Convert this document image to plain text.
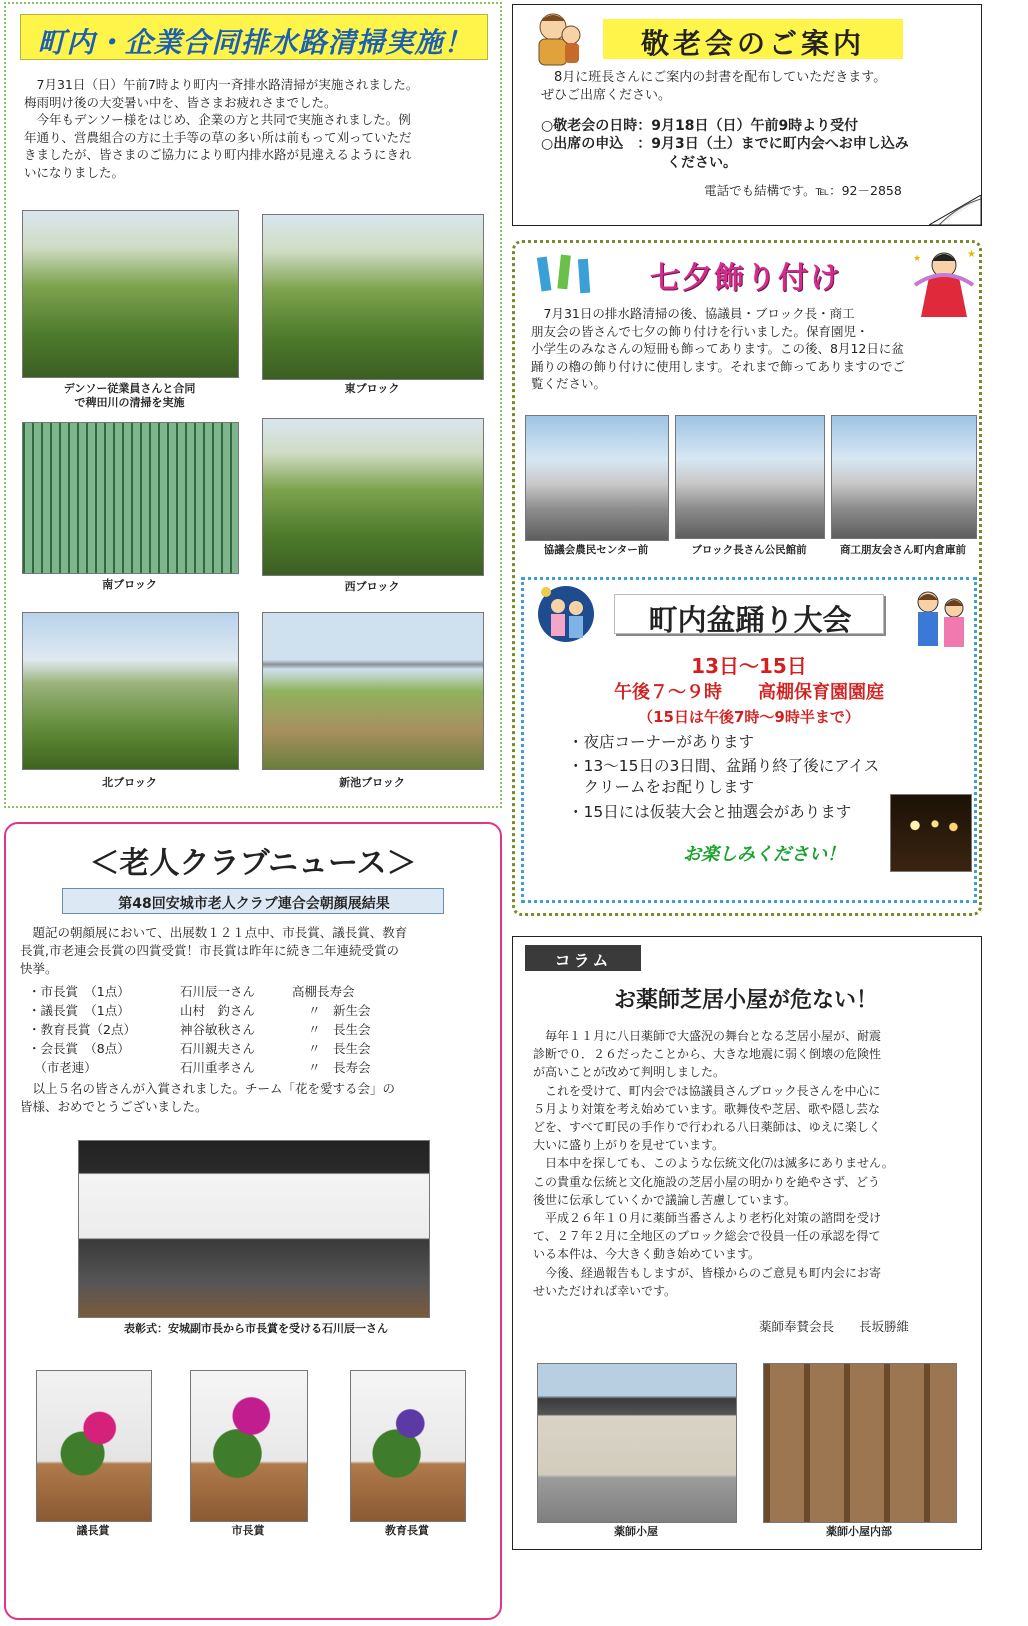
町内・企業合同排水路清掃実施！
　7月31日（日）午前7時より町内一斉排水路清掃が実施されました。
梅雨明け後の大変暑い中を、皆さまお疲れさまでした。
　今年もデンソー様をはじめ、企業の方と共同で実施されました。例
年通り、営農組合の方に土手等の草の多い所は前もって刈っていただ
きましたが、皆さまのご協力により町内排水路が見違えるようにきれ
いになりました。
デンソー従業員さんと合同
で稗田川の清掃を実施
東ブロック
南ブロック	西ブロック
北ブロック	新池ブロック
敬老会のご案内
　8月に班長さんにご案内の封書を配布していただきます。
ぜひご出席ください。
○敬老会の日時：9月18日（日）午前9時より受付
○出席の申込　：9月3日（土）までに町内会へお申し込み
　　　　　　　　　ください。
電話でも結構です。℡：92－2858
七夕飾り付け
★
★
　7月31日の排水路清掃の後、協議員・ブロック長・商工
朋友会の皆さんで七夕の飾り付けを行いました。保育園児・
小学生のみなさんの短冊も飾ってあります。この後、8月12日に盆
踊りの櫓の飾り付けに使用します。それまで飾ってありますのでご
覧ください。
協議会農民センター前	ブロック長さん公民館前	商工朋友会さん町内倉庫前
町内盆踊り大会
13日～15日
午後７～９時　　高棚保育園園庭
（15日は午後7時～9時半まで）
・夜店コーナーがあります
・13～15日の3日間、盆踊り終了後にアイス
　クリームをお配りします
・15日には仮装大会と抽選会があります
お楽しみください！
＜老人クラブニュース＞
第48回安城市老人クラブ連合会朝顔展結果
　題記の朝顔展において、出展数１２１点中、市長賞、議長賞、教育
長賞,市老連会長賞の四賞受賞！市長賞は昨年に続き二年連続受賞の
快挙。
・市長賞　（1点）	石川辰一さん	高棚長寿会
・議長賞　（1点）	山村　釣さん	〃　新生会
・教育長賞（2点）	神谷敏秋さん	〃　長生会
・会長賞　（8点）	石川親夫さん	〃　長生会
　（市老連）	石川重孝さん	〃　長寿会
　以上５名の皆さんが入賞されました。チーム「花を愛する会」の
皆様、おめでとうございました。
表彰式：安城副市長から市長賞を受ける石川辰一さん
議長賞	市長賞	教育長賞
コラム
お薬師芝居小屋が危ない！
　毎年１１月に八日薬師で大盛況の舞台となる芝居小屋が、耐震
診断で０．２６だったことから、大きな地震に弱く倒壊の危険性
が高いことが改めて判明しました。
　これを受けて、町内会では協議員さんブロック長さんを中心に
５月より対策を考え始めています。歌舞伎や芝居、歌や隠し芸な
どを、すべて町民の手作りで行われる八日薬師は、ゆえに楽しく
大いに盛り上がりを見せています。
　日本中を探しても、このような伝統文化⑺は滅多にありません。
この貴重な伝統と文化施設の芝居小屋の明かりを絶やさず、どう
後世に伝承していくかで議論し苦慮しています。
　平成２６年１０月に薬師当番さんより老朽化対策の諮問を受け
て、２７年２月に全地区のブロック総会で役員一任の承認を得て
いる本件は、今大きく動き始めています。
　今後、経過報告もしますが、皆様からのご意見も町内会にお寄
せいただければ幸いです。
薬師奉賛会長　　長坂勝維
薬師小屋	薬師小屋内部
